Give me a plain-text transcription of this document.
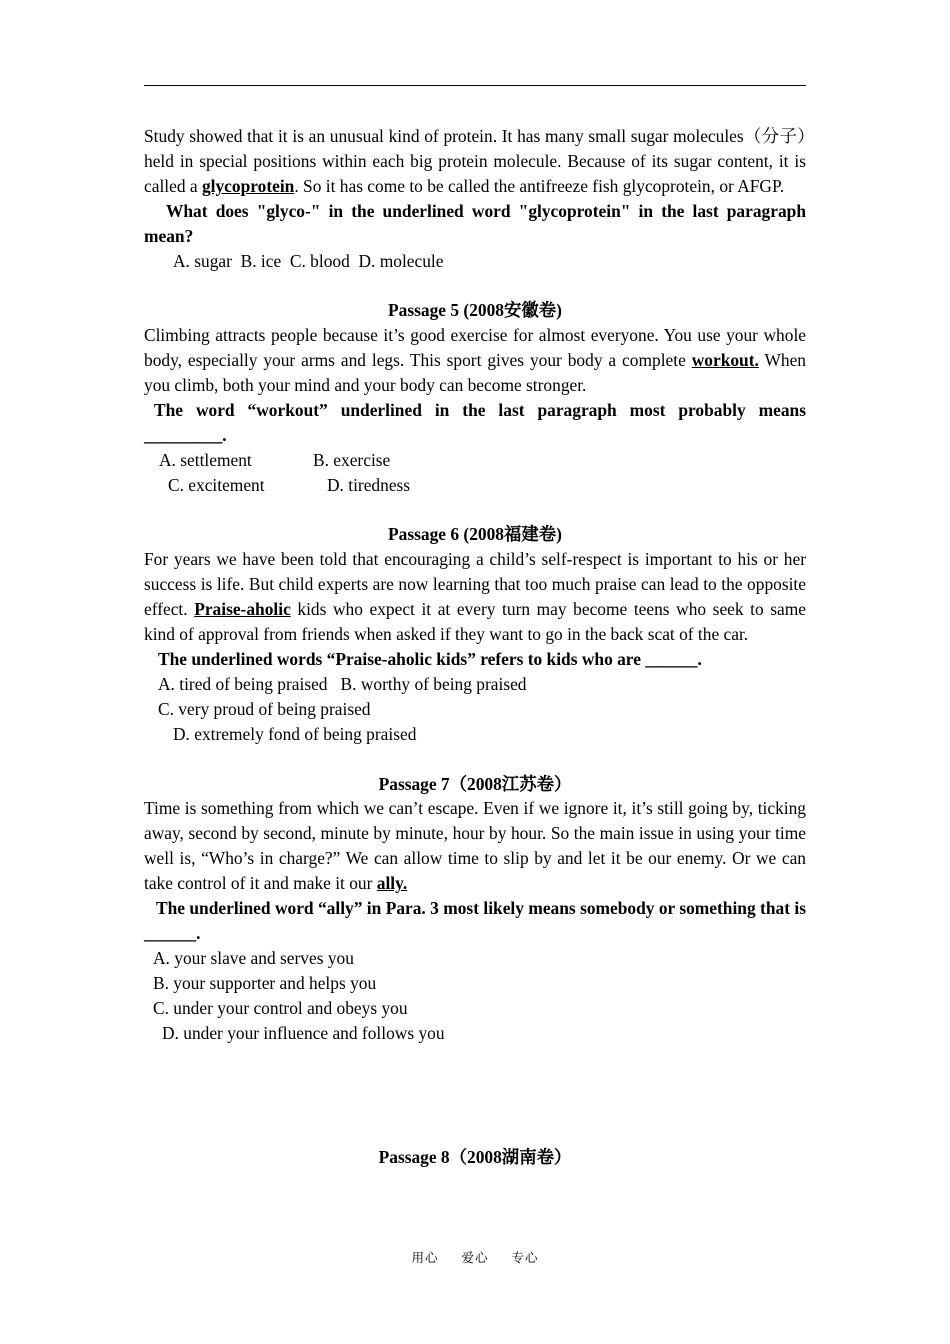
Study showed that it is an unusual kind of protein. It has many small sugar molecules（分子）held in special positions within each big protein molecule. Because of its sugar content, it is called a glycoprotein. So it has come to be called the antifreeze fish glycoprotein, or AFGP.

What does "glyco-" in the underlined word "glycoprotein" in the last paragraph mean?

A. sugar  B. ice  C. blood  D. molecule

Passage 5 (2008安徽卷)

Climbing attracts people because it’s good exercise for almost everyone. You use your whole body, especially your arms and legs. This sport gives your body a complete workout. When you climb, both your mind and your body can become stronger.

The word “workout” underlined in the last paragraph most probably means _________.

A. settlement	B. exercise

C. excitement	D. tiredness

Passage 6 (2008福建卷)

For years we have been told that encouraging a child’s self-respect is important to his or her success is life. But child experts are now learning that too much praise can lead to the opposite effect. Praise-aholic kids who expect it at every turn may become teens who seek to same kind of approval from friends when asked if they want to go in the back scat of the car.

The underlined words “Praise-aholic kids” refers to kids who are ______.

A. tired of being praised   B. worthy of being praised

C. very proud of being praised

D. extremely fond of being praised

Passage 7（2008江苏卷）

Time is something from which we can’t escape. Even if we ignore it, it’s still going by, ticking away, second by second, minute by minute, hour by hour. So the main issue in using your time well is, “Who’s in charge?” We can allow time to slip by and let it be our enemy. Or we can take control of it and make it our ally.

The underlined word “ally” in Para. 3 most likely means somebody or something that is ______.

A. your slave and serves you

B. your supporter and helps you

C. under your control and obeys you

D. under your influence and follows you

Passage 8（2008湖南卷）

用心 爱心 专心
